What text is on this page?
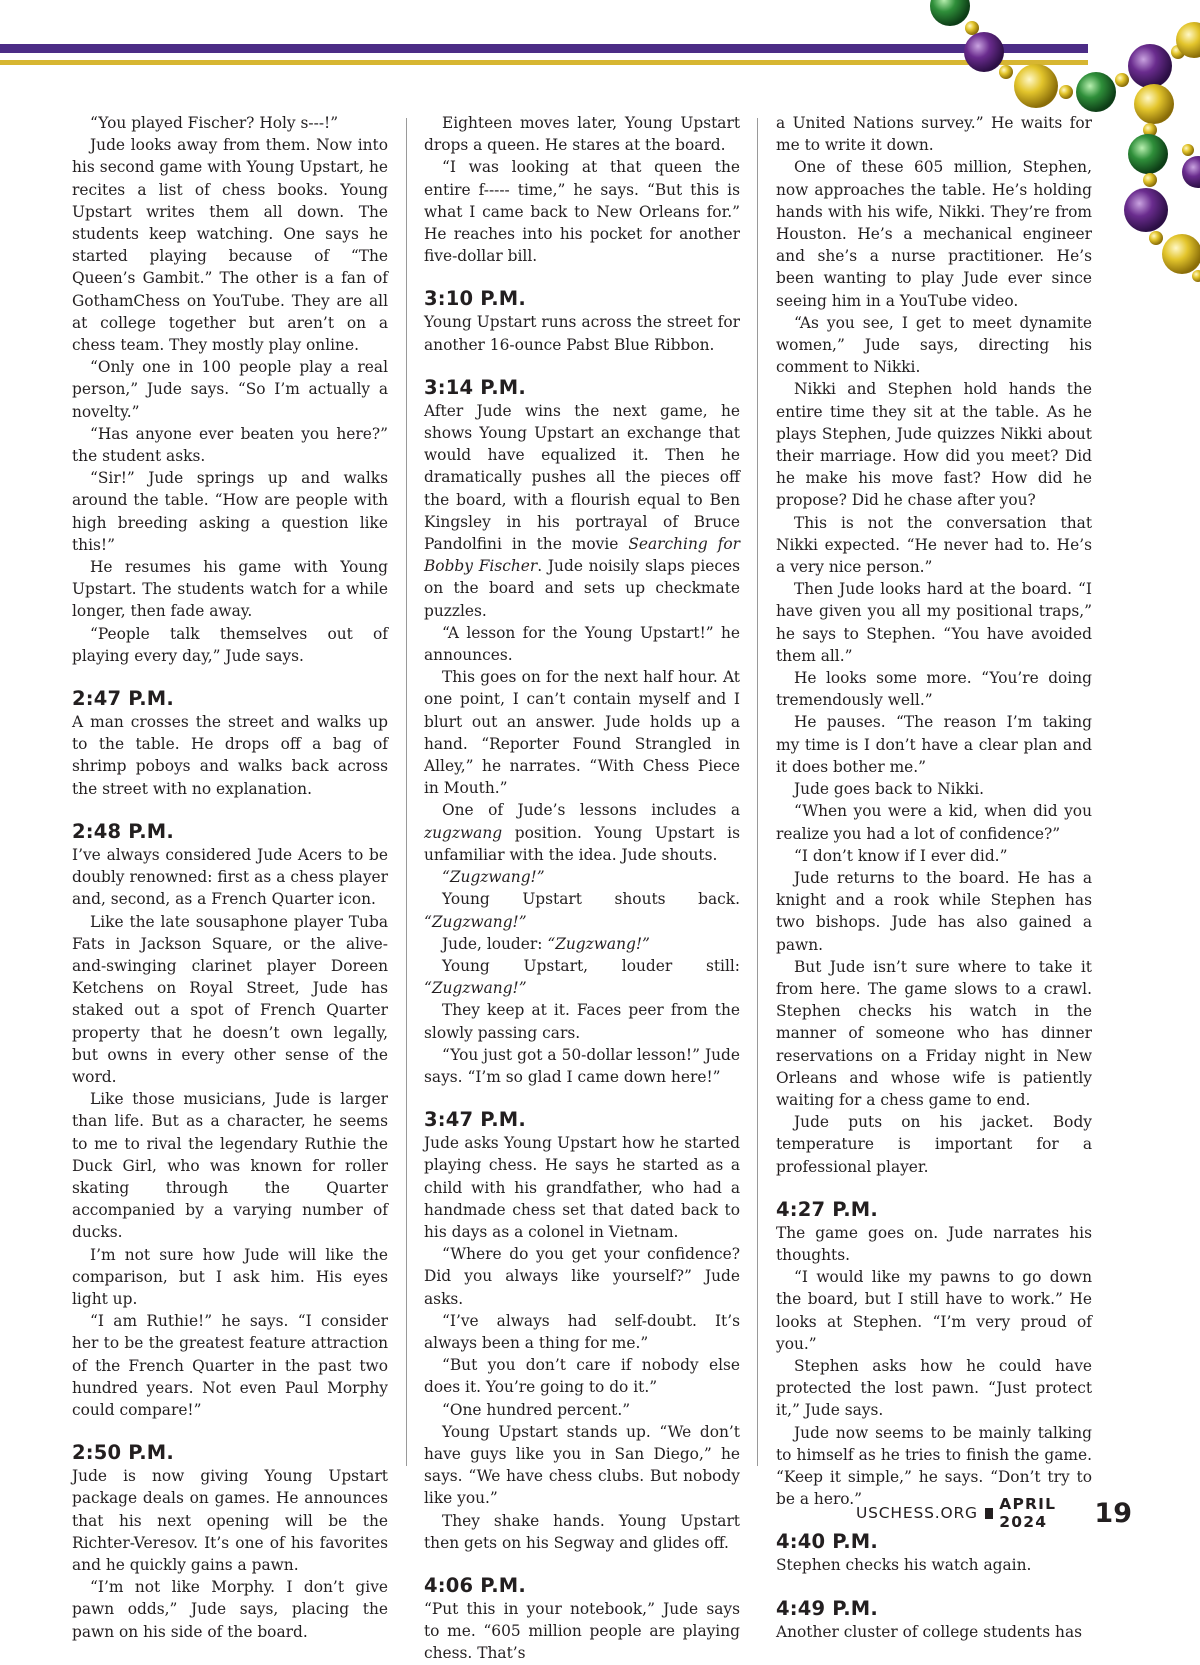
“You played Fischer? Holy s---!”

Jude looks away from them. Now into his second game with Young Upstart, he recites a list of chess books. Young Upstart writes them all down. The students keep watching. One says he started playing because of “The Queen’s Gambit.” The other is a fan of GothamChess on YouTube. They are all at college together but aren’t on a chess team. They mostly play online.

“Only one in 100 people play a real person,” Jude says. “So I’m actually a novelty.”

“Has anyone ever beaten you here?” the student asks.

“Sir!” Jude springs up and walks around the table. “How are people with high breeding asking a question like this!”

He resumes his game with Young Upstart. The students watch for a while longer, then fade away.

“People talk themselves out of playing every day,” Jude says.

2:47 P.M.

A man crosses the street and walks up to the table. He drops off a bag of shrimp poboys and walks back across the street with no explanation.

2:48 P.M.

I’ve always considered Jude Acers to be doubly renowned: first as a chess player and, second, as a French Quarter icon.

Like the late sousaphone player Tuba Fats in Jackson Square, or the alive-and-swinging clarinet player Doreen Ketchens on Royal Street, Jude has staked out a spot of French Quarter property that he doesn’t own legally, but owns in every other sense of the word.

Like those musicians, Jude is larger than life. But as a character, he seems to me to rival the legendary Ruthie the Duck Girl, who was known for roller skating through the Quarter accompanied by a varying number of ducks.

I’m not sure how Jude will like the comparison, but I ask him. His eyes light up.

“I am Ruthie!” he says. “I consider her to be the greatest feature attraction of the French Quarter in the past two hundred years. Not even Paul Morphy could compare!”

2:50 P.M.

Jude is now giving Young Upstart package deals on games. He announces that his next opening will be the Richter-Veresov. It’s one of his favorites and he quickly gains a pawn.

“I’m not like Morphy. I don’t give pawn odds,” Jude says, placing the pawn on his side of the board.

Eighteen moves later, Young Upstart drops a queen. He stares at the board.

“I was looking at that queen the entire f----- time,” he says. “But this is what I came back to New Orleans for.” He reaches into his pocket for another five-dollar bill.

3:10 P.M.

Young Upstart runs across the street for another 16-ounce Pabst Blue Ribbon.

3:14 P.M.

After Jude wins the next game, he shows Young Upstart an exchange that would have equalized it. Then he dramatically pushes all the pieces off the board, with a flourish equal to Ben Kingsley in his portrayal of Bruce Pandolfini in the movie Searching for Bobby Fischer. Jude noisily slaps pieces on the board and sets up checkmate puzzles.

“A lesson for the Young Upstart!” he announces.

This goes on for the next half hour. At one point, I can’t contain myself and I blurt out an answer. Jude holds up a hand. “Reporter Found Strangled in Alley,” he narrates. “With Chess Piece in Mouth.”

One of Jude’s lessons includes a zugzwang position. Young Upstart is unfamiliar with the idea. Jude shouts.

“Zugzwang!”

Young Upstart shouts back. “Zugzwang!”

Jude, louder: “Zugzwang!”

Young Upstart, louder still: “Zugzwang!”

They keep at it. Faces peer from the slowly passing cars.

“You just got a 50-dollar lesson!” Jude says. “I’m so glad I came down here!”

3:47 P.M.

Jude asks Young Upstart how he started playing chess. He says he started as a child with his grandfather, who had a handmade chess set that dated back to his days as a colonel in Vietnam.

“Where do you get your confidence? Did you always like yourself?” Jude asks.

“I’ve always had self-doubt. It’s always been a thing for me.”

“But you don’t care if nobody else does it. You’re going to do it.”

“One hundred percent.”

Young Upstart stands up. “We don’t have guys like you in San Diego,” he says. “We have chess clubs. But nobody like you.”

They shake hands. Young Upstart then gets on his Segway and glides off.

4:06 P.M.

“Put this in your notebook,” Jude says to me. “605 million people are playing chess. That’s

a United Nations survey.” He waits for me to write it down.

One of these 605 million, Stephen, now approaches the table. He’s holding hands with his wife, Nikki. They’re from Houston. He’s a mechanical engineer and she’s a nurse practitioner. He’s been wanting to play Jude ever since seeing him in a YouTube video.

“As you see, I get to meet dynamite women,” Jude says, directing his comment to Nikki.

Nikki and Stephen hold hands the entire time they sit at the table. As he plays Stephen, Jude quizzes Nikki about their marriage. How did you meet? Did he make his move fast? How did he propose? Did he chase after you?

This is not the conversation that Nikki expected. “He never had to. He’s a very nice person.”

Then Jude looks hard at the board. “I have given you all my positional traps,” he says to Stephen. “You have avoided them all.”

He looks some more. “You’re doing tremendously well.”

He pauses. “The reason I’m taking my time is I don’t have a clear plan and it does bother me.”

Jude goes back to Nikki.

“When you were a kid, when did you realize you had a lot of confidence?”

“I don’t know if I ever did.”

Jude returns to the board. He has a knight and a rook while Stephen has two bishops. Jude has also gained a pawn.

But Jude isn’t sure where to take it from here. The game slows to a crawl. Stephen checks his watch in the manner of someone who has dinner reservations on a Friday night in New Orleans and whose wife is patiently waiting for a chess game to end.

Jude puts on his jacket. Body temperature is important for a professional player.

4:27 P.M.

The game goes on. Jude narrates his thoughts.

“I would like my pawns to go down the board, but I still have to work.” He looks at Stephen. “I’m very proud of you.”

Stephen asks how he could have protected the lost pawn. “Just protect it,” Jude says.

Jude now seems to be mainly talking to himself as he tries to finish the game. “Keep it simple,” he says. “Don’t try to be a hero.”

4:40 P.M.

Stephen checks his watch again.

4:49 P.M.

Another cluster of college students has

USCHESS.ORG APRIL 2024	19
